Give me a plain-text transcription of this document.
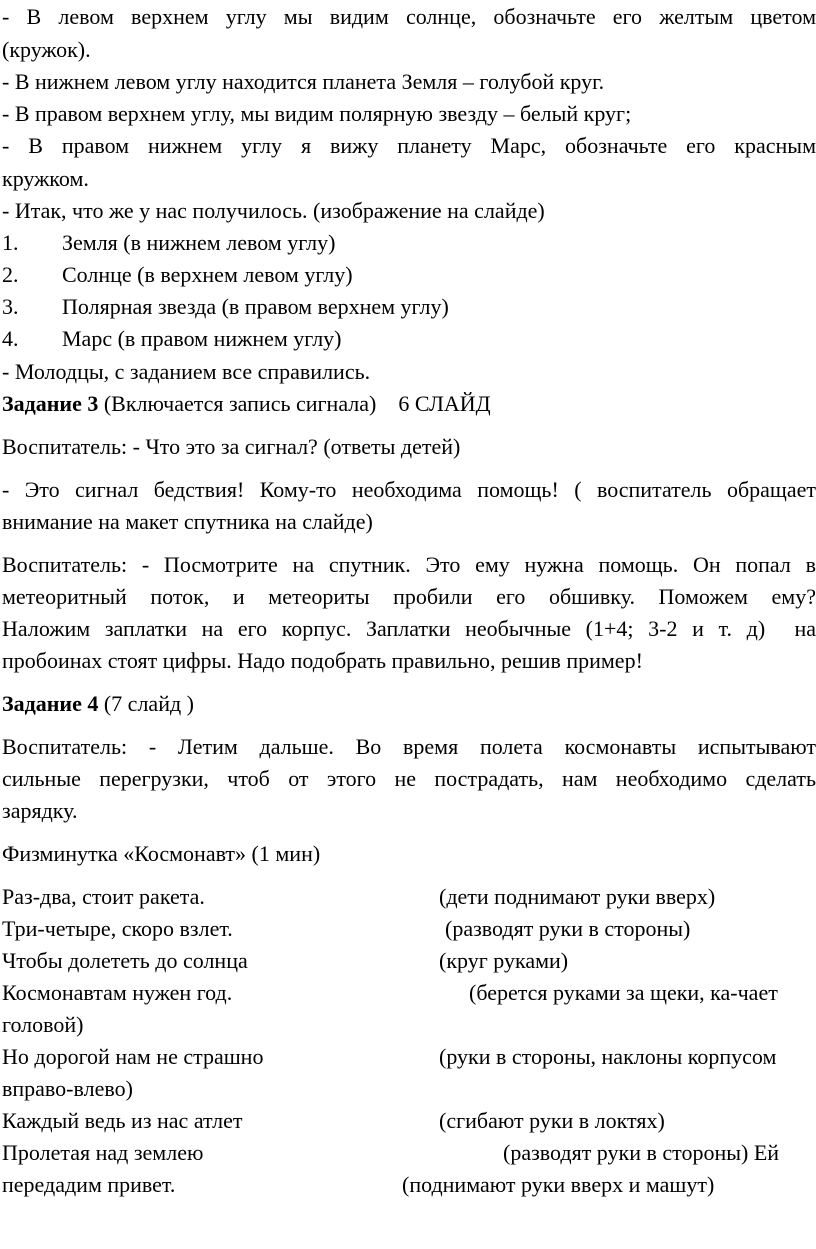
- В левом верхнем углу мы видим солнце, обозначьте его желтым цветом
(кружок).
- В нижнем левом углу находится планета Земля – голубой круг.
- В правом верхнем углу, мы видим полярную звезду – белый круг;
- В правом нижнем углу я вижу планету Марс, обозначьте его красным
кружком.
- Итак, что же у нас получилось. (изображение на слайде)
1. Земля (в нижнем левом углу)
2. Солнце (в верхнем левом углу)
3. Полярная звезда (в правом верхнем углу)
4. Марс (в правом нижнем углу)
- Молодцы, с заданием все справились.
Задание 3 (Включается запись сигнала)    6 СЛАЙД
Воспитатель: - Что это за сигнал? (ответы детей)
- Это сигнал бедствия! Кому-то необходима помощь! ( воспитатель обращает
внимание на макет спутника на слайде)
Воспитатель: - Посмотрите на спутник. Это ему нужна помощь. Он попал в
метеоритный поток, и метеориты пробили его обшивку. Поможем ему?
Наложим заплатки на его корпус. Заплатки необычные (1+4; 3-2 и т. д)  на
пробоинах стоят цифры. Надо подобрать правильно, решив пример!
Задание 4 (7 слайд )
Воспитатель: - Летим дальше. Во время полета космонавты испытывают
сильные перегрузки, чтоб от этого не пострадать, нам необходимо сделать
зарядку.
Физминутка «Космонавт» (1 мин)
Раз-два, стоит ракета.	(дети поднимают руки вверх)
Три-четыре, скоро взлет.	(разводят руки в стороны)
Чтобы долететь до солнца	(круг руками)
Космонавтам нужен год.	(берется руками за щеки, ка-чает
головой)
Но дорогой нам не страшно	(руки в стороны, наклоны корпусом
вправо-влево)
Каждый ведь из нас атлет	(сгибают руки в локтях)
Пролетая над землею	(разводят руки в стороны) Ей
передадим привет.	(поднимают руки вверх и машут)
